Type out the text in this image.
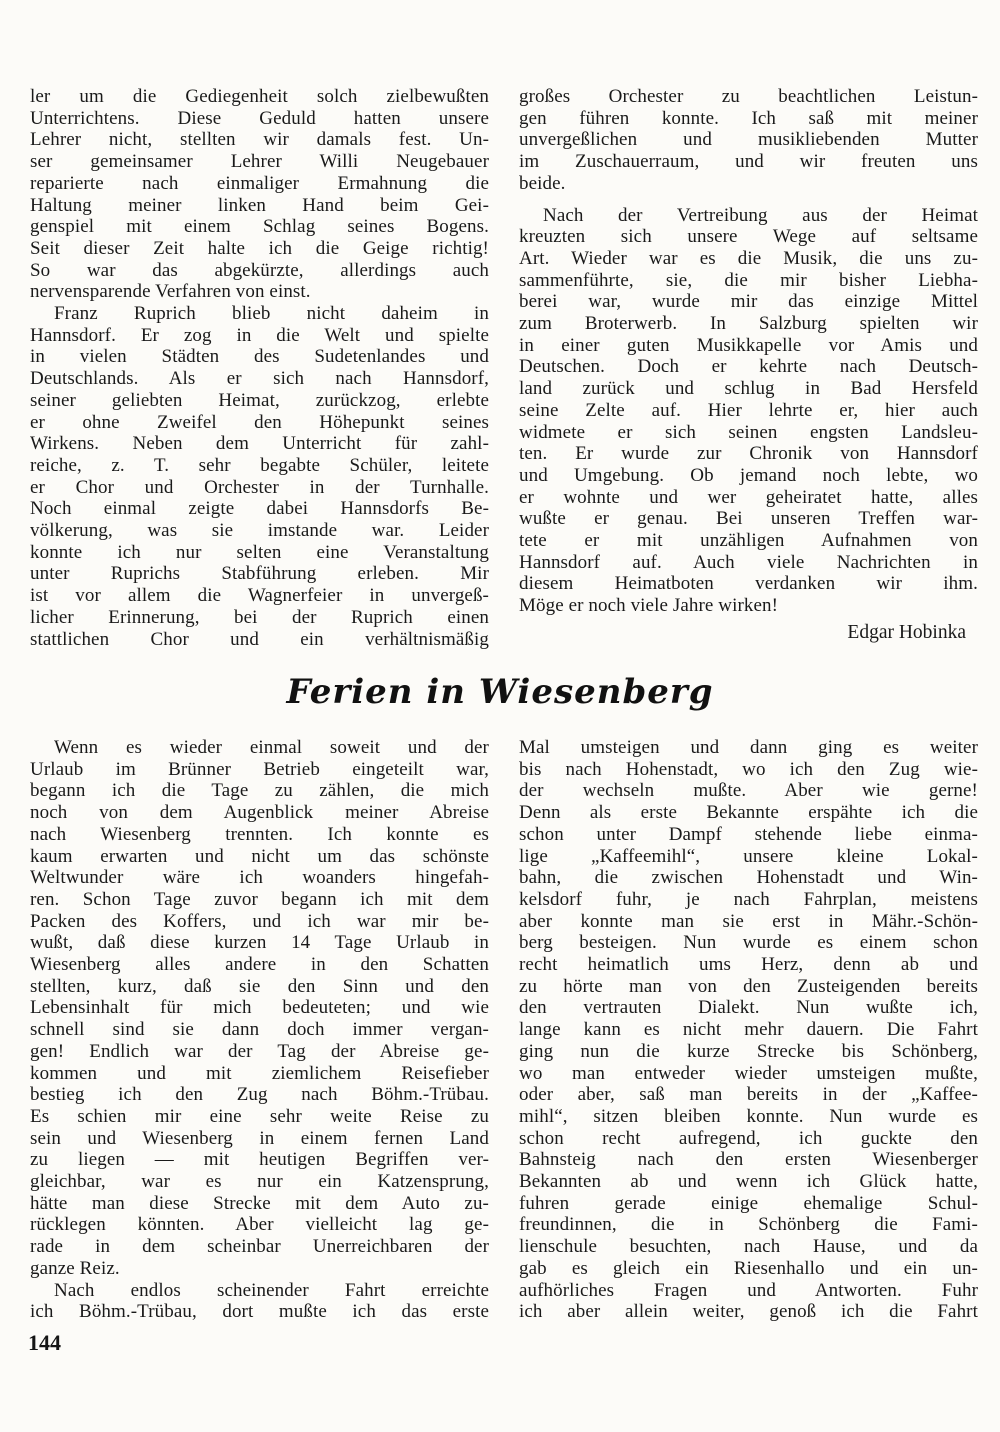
ler um die Gediegenheit solch zielbewußten
Unterrichtens. Diese Geduld hatten unsere
Lehrer nicht, stellten wir damals fest. Un-
ser gemeinsamer Lehrer Willi Neugebauer
reparierte nach einmaliger Ermahnung die
Haltung meiner linken Hand beim Gei-
genspiel mit einem Schlag seines Bogens.
Seit dieser Zeit halte ich die Geige richtig!
So war das abgekürzte, allerdings auch
nervensparende Verfahren von einst.
Franz Ruprich blieb nicht daheim in
Hannsdorf. Er zog in die Welt und spielte
in vielen Städten des Sudetenlandes und
Deutschlands. Als er sich nach Hannsdorf,
seiner geliebten Heimat, zurückzog, erlebte
er ohne Zweifel den Höhepunkt seines
Wirkens. Neben dem Unterricht für zahl-
reiche, z. T. sehr begabte Schüler, leitete
er Chor und Orchester in der Turnhalle.
Noch einmal zeigte dabei Hannsdorfs Be-
völkerung, was sie imstande war. Leider
konnte ich nur selten eine Veranstaltung
unter Ruprichs Stabführung erleben. Mir
ist vor allem die Wagnerfeier in unvergeß-
licher Erinnerung, bei der Ruprich einen
stattlichen Chor und ein verhältnismäßig
großes Orchester zu beachtlichen Leistun-
gen führen konnte. Ich saß mit meiner
unvergeßlichen und musikliebenden Mutter
im Zuschauerraum, und wir freuten uns
beide.
Nach der Vertreibung aus der Heimat
kreuzten sich unsere Wege auf seltsame
Art. Wieder war es die Musik, die uns zu-
sammenführte, sie, die mir bisher Liebha-
berei war, wurde mir das einzige Mittel
zum Broterwerb. In Salzburg spielten wir
in einer guten Musikkapelle vor Amis und
Deutschen. Doch er kehrte nach Deutsch-
land zurück und schlug in Bad Hersfeld
seine Zelte auf. Hier lehrte er, hier auch
widmete er sich seinen engsten Landsleu-
ten. Er wurde zur Chronik von Hannsdorf
und Umgebung. Ob jemand noch lebte, wo
er wohnte und wer geheiratet hatte, alles
wußte er genau. Bei unseren Treffen war-
tete er mit unzähligen Aufnahmen von
Hannsdorf auf. Auch viele Nachrichten in
diesem Heimatboten verdanken wir ihm.
Möge er noch viele Jahre wirken!
Edgar Hobinka
Ferien in Wiesenberg
Wenn es wieder einmal soweit und der
Urlaub im Brünner Betrieb eingeteilt war,
begann ich die Tage zu zählen, die mich
noch von dem Augenblick meiner Abreise
nach Wiesenberg trennten. Ich konnte es
kaum erwarten und nicht um das schönste
Weltwunder wäre ich woanders hingefah-
ren. Schon Tage zuvor begann ich mit dem
Packen des Koffers, und ich war mir be-
wußt, daß diese kurzen 14 Tage Urlaub in
Wiesenberg alles andere in den Schatten
stellten, kurz, daß sie den Sinn und den
Lebensinhalt für mich bedeuteten; und wie
schnell sind sie dann doch immer vergan-
gen! Endlich war der Tag der Abreise ge-
kommen und mit ziemlichem Reisefieber
bestieg ich den Zug nach Böhm.-Trübau.
Es schien mir eine sehr weite Reise zu
sein und Wiesenberg in einem fernen Land
zu liegen — mit heutigen Begriffen ver-
gleichbar, war es nur ein Katzensprung,
hätte man diese Strecke mit dem Auto zu-
rücklegen könnten. Aber vielleicht lag ge-
rade in dem scheinbar Unerreichbaren der
ganze Reiz.
Nach endlos scheinender Fahrt erreichte
ich Böhm.-Trübau, dort mußte ich das erste
Mal umsteigen und dann ging es weiter
bis nach Hohenstadt, wo ich den Zug wie-
der wechseln mußte. Aber wie gerne!
Denn als erste Bekannte erspähte ich die
schon unter Dampf stehende liebe einma-
lige „Kaffeemihl“, unsere kleine Lokal-
bahn, die zwischen Hohenstadt und Win-
kelsdorf fuhr, je nach Fahrplan, meistens
aber konnte man sie erst in Mähr.-Schön-
berg besteigen. Nun wurde es einem schon
recht heimatlich ums Herz, denn ab und
zu hörte man von den Zusteigenden bereits
den vertrauten Dialekt. Nun wußte ich,
lange kann es nicht mehr dauern. Die Fahrt
ging nun die kurze Strecke bis Schönberg,
wo man entweder wieder umsteigen mußte,
oder aber, saß man bereits in der „Kaffee-
mihl“, sitzen bleiben konnte. Nun wurde es
schon recht aufregend, ich guckte den
Bahnsteig nach den ersten Wiesenberger
Bekannten ab und wenn ich Glück hatte,
fuhren gerade einige ehemalige Schul-
freundinnen, die in Schönberg die Fami-
lienschule besuchten, nach Hause, und da
gab es gleich ein Riesenhallo und ein un-
aufhörliches Fragen und Antworten. Fuhr
ich aber allein weiter, genoß ich die Fahrt
144
